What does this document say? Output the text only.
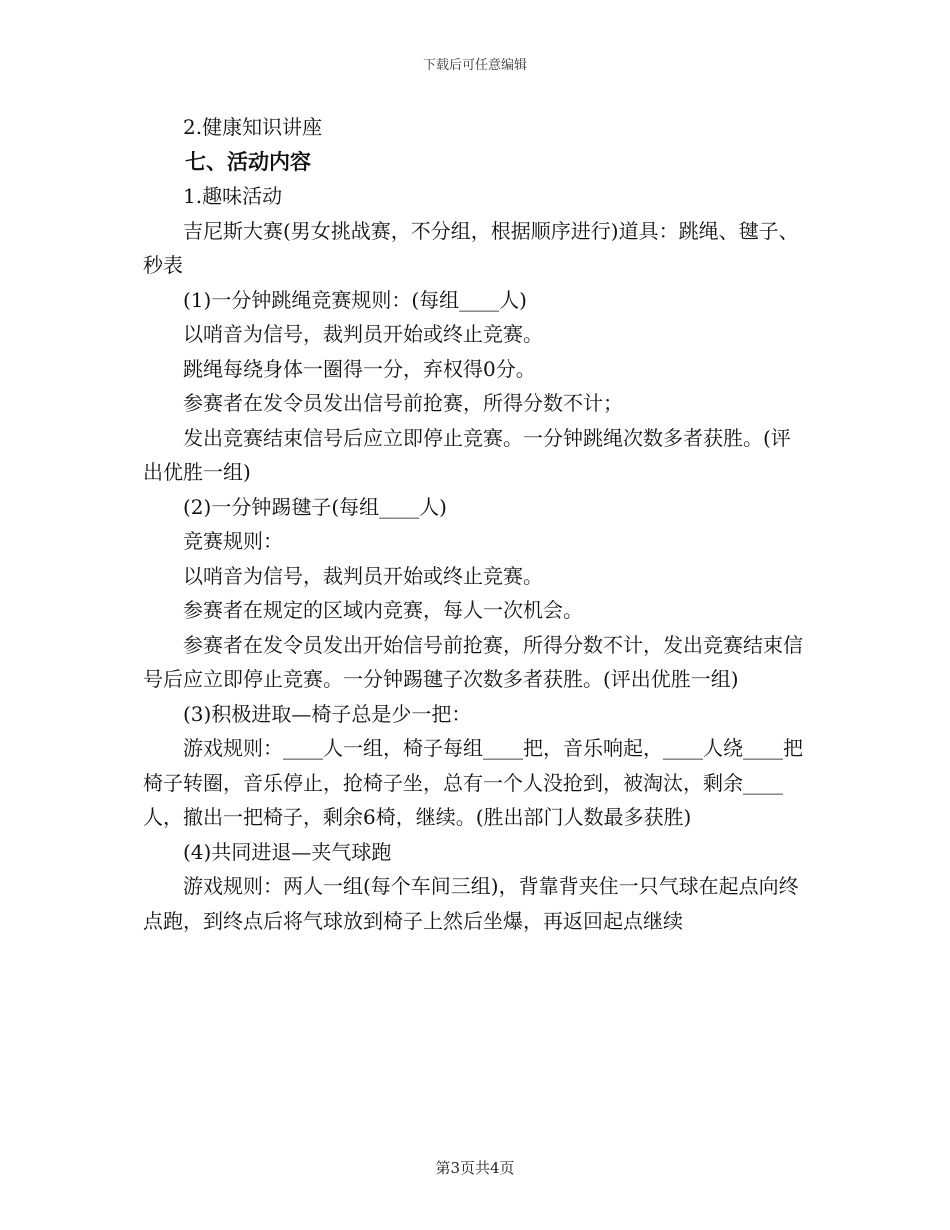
下载后可任意编辑

2.健康知识讲座

七、活动内容

1.趣味活动

吉尼斯大赛(男女挑战赛，不分组，根据顺序进行)道具：跳绳、毽子、秒表

(1)一分钟跳绳竞赛规则：(每组____人)

以哨音为信号，裁判员开始或终止竞赛。

跳绳每绕身体一圈得一分，弃权得0分。

参赛者在发令员发出信号前抢赛，所得分数不计；

发出竞赛结束信号后应立即停止竞赛。一分钟跳绳次数多者获胜。(评出优胜一组)

(2)一分钟踢毽子(每组____人)

竞赛规则：

以哨音为信号，裁判员开始或终止竞赛。

参赛者在规定的区域内竞赛，每人一次机会。

参赛者在发令员发出开始信号前抢赛，所得分数不计，发出竞赛结束信号后应立即停止竞赛。一分钟踢毽子次数多者获胜。(评出优胜一组)

(3)积极进取—椅子总是少一把：

游戏规则：____人一组，椅子每组____把，音乐响起，____人绕____把椅子转圈，音乐停止，抢椅子坐，总有一个人没抢到，被淘汰，剩余____人，撤出一把椅子，剩余6椅，继续。(胜出部门人数最多获胜)

(4)共同进退—夹气球跑

游戏规则：两人一组(每个车间三组)，背靠背夹住一只气球在起点向终点跑，到终点后将气球放到椅子上然后坐爆，再返回起点继续

第3页共4页
